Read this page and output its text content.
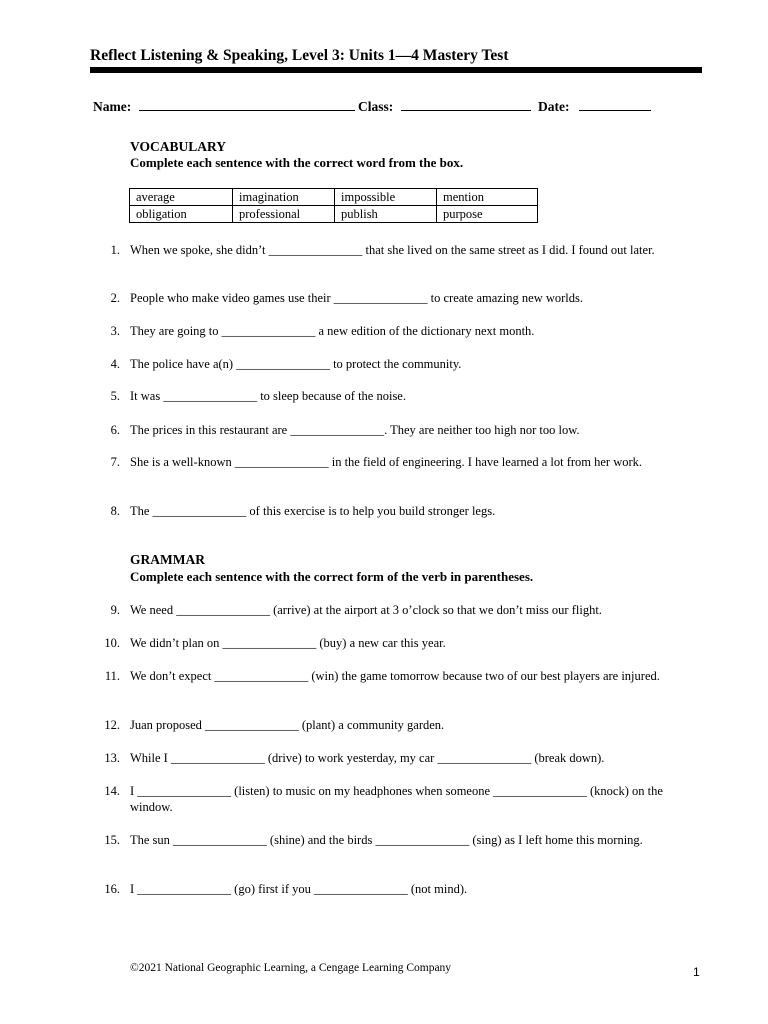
Reflect Listening & Speaking, Level 3: Units 1—4 Mastery Test
Name:	Class:	Date:
VOCABULARY
Complete each sentence with the correct word from the box.
average	imagination	impossible	mention
obligation	professional	publish	purpose
1. When we spoke, she didn’t _______________ that she lived on the same street as I did. I found out later.
2. People who make video games use their _______________ to create amazing new worlds.
3. They are going to _______________ a new edition of the dictionary next month.
4. The police have a(n) _______________ to protect the community.
5. It was _______________ to sleep because of the noise.
6. The prices in this restaurant are _______________. They are neither too high nor too low.
7. She is a well-known _______________ in the field of engineering. I have learned a lot from her work.
8. The _______________ of this exercise is to help you build stronger legs.
GRAMMAR
Complete each sentence with the correct form of the verb in parentheses.
9. We need _______________ (arrive) at the airport at 3 o’clock so that we don’t miss our flight.
10. We didn’t plan on _______________ (buy) a new car this year.
11. We don’t expect _______________ (win) the game tomorrow because two of our best players are injured.
12. Juan proposed _______________ (plant) a community garden.
13. While I _______________ (drive) to work yesterday, my car _______________ (break down).
14. I _______________ (listen) to music on my headphones when someone _______________ (knock) on the window.
15. The sun _______________ (shine) and the birds _______________ (sing) as I left home this morning.
16. I _______________ (go) first if you _______________ (not mind).
©2021 National Geographic Learning, a Cengage Learning Company	1
